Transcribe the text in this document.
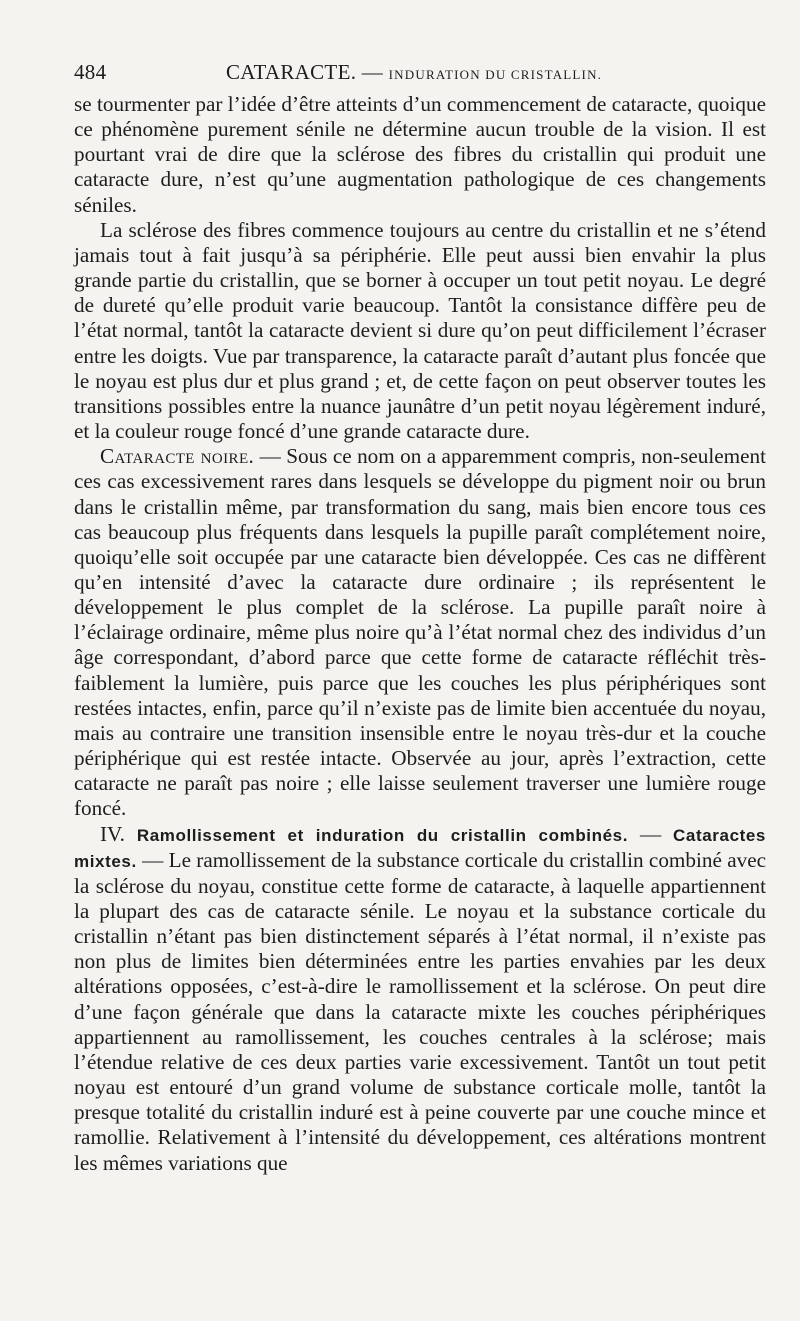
484	CATARACTE. — INDURATION DU CRISTALLIN.

se tourmenter par l’idée d’être atteints d’un commencement de cataracte, quoique ce phénomène purement sénile ne détermine aucun trouble de la vision. Il est pourtant vrai de dire que la sclérose des fibres du cristallin qui produit une cataracte dure, n’est qu’une augmentation pathologique de ces changements séniles.

La sclérose des fibres commence toujours au centre du cristallin et ne s’étend jamais tout à fait jusqu’à sa périphérie. Elle peut aussi bien envahir la plus grande partie du cristallin, que se borner à occuper un tout petit noyau. Le degré de dureté qu’elle produit varie beaucoup. Tantôt la consistance diffère peu de l’état normal, tantôt la cataracte devient si dure qu’on peut difficilement l’écraser entre les doigts. Vue par transparence, la cataracte paraît d’autant plus foncée que le noyau est plus dur et plus grand ; et, de cette façon on peut observer toutes les transitions possibles entre la nuance jaunâtre d’un petit noyau légèrement induré, et la couleur rouge foncé d’une grande cataracte dure.

Cataracte noire. — Sous ce nom on a apparemment compris, non-seulement ces cas excessivement rares dans lesquels se développe du pigment noir ou brun dans le cristallin même, par transformation du sang, mais bien encore tous ces cas beaucoup plus fréquents dans lesquels la pupille paraît complétement noire, quoiqu’elle soit occupée par une cataracte bien développée. Ces cas ne diffèrent qu’en intensité d’avec la cataracte dure ordinaire ; ils représentent le développement le plus complet de la sclérose. La pupille paraît noire à l’éclairage ordinaire, même plus noire qu’à l’état normal chez des individus d’un âge correspondant, d’abord parce que cette forme de cataracte réfléchit très-faiblement la lumière, puis parce que les couches les plus périphériques sont restées intactes, enfin, parce qu’il n’existe pas de limite bien accentuée du noyau, mais au contraire une transition insensible entre le noyau très-dur et la couche périphérique qui est restée intacte. Observée au jour, après l’extraction, cette cataracte ne paraît pas noire ; elle laisse seulement traverser une lumière rouge foncé.

IV. Ramollissement et induration du cristallin combinés. — Cataractes mixtes. — Le ramollissement de la substance corticale du cristallin combiné avec la sclérose du noyau, constitue cette forme de cataracte, à laquelle appartiennent la plupart des cas de cataracte sénile. Le noyau et la substance corticale du cristallin n’étant pas bien distinctement séparés à l’état normal, il n’existe pas non plus de limites bien déterminées entre les parties envahies par les deux altérations opposées, c’est-à-dire le ramollissement et la sclérose. On peut dire d’une façon générale que dans la cataracte mixte les couches périphériques appartiennent au ramollissement, les couches centrales à la sclérose; mais l’étendue relative de ces deux parties varie excessivement. Tantôt un tout petit noyau est entouré d’un grand volume de substance corticale molle, tantôt la presque totalité du cristallin induré est à peine couverte par une couche mince et ramollie. Relativement à l’intensité du développement, ces altérations montrent les mêmes variations que
